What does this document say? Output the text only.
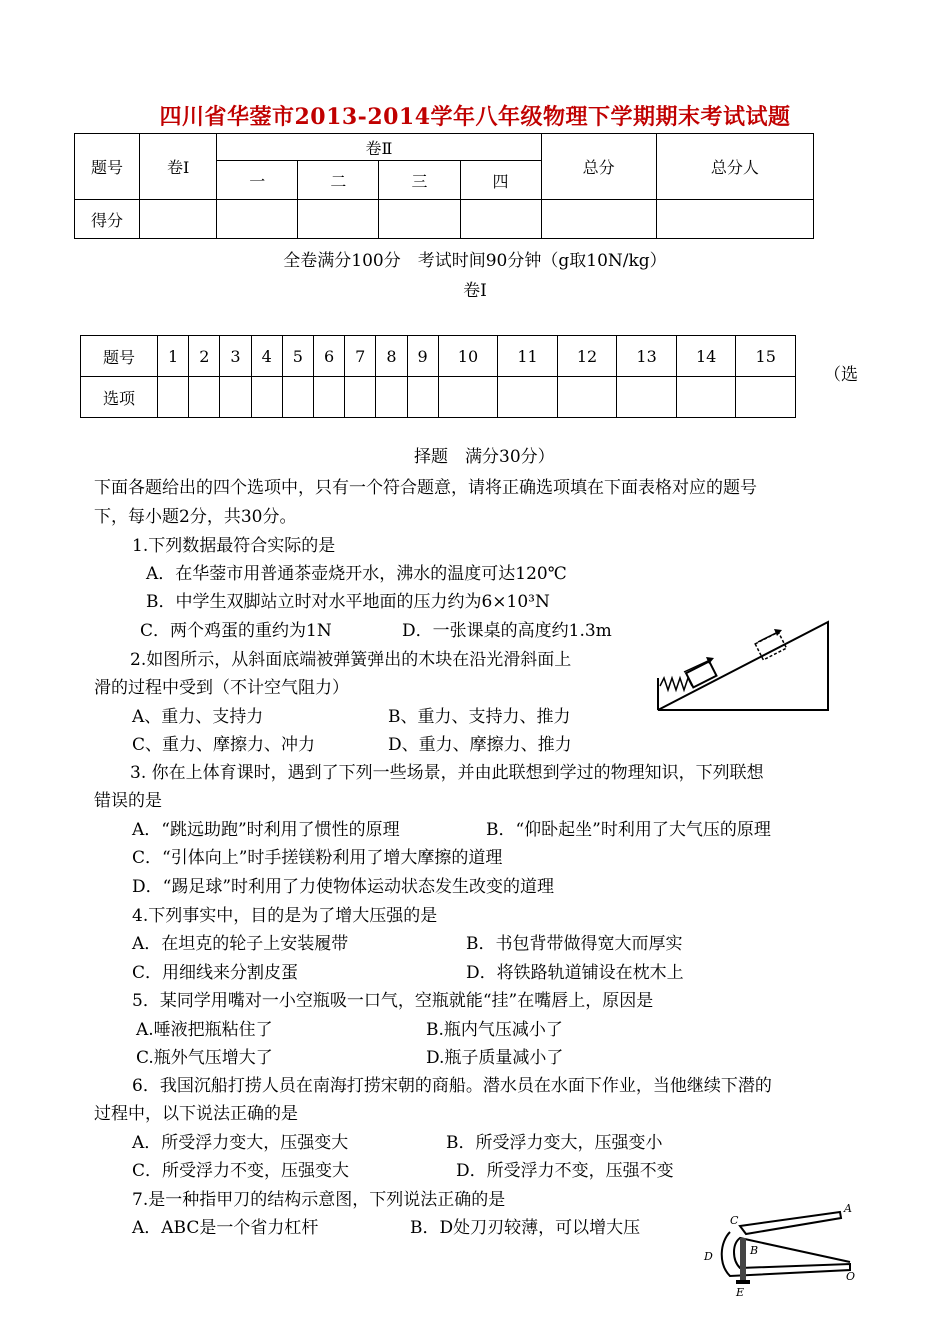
四川省华蓥市2013-2014学年八年级物理下学期期末考试试题
题号	卷Ⅰ	卷Ⅱ				总分	总分人
		一	二	三	四		
得分							
全卷满分100分　考试时间90分钟（g取10N/kg）
卷Ⅰ
题号	1	2	3	4	5	6	7	8	9	10	11	12	13	14	15
选项															
（选
择题　满分30分）
下面各题给出的四个选项中，只有一个符合题意，请将正确选项填在下面表格对应的题号
下，每小题2分，共30分。
1.下列数据最符合实际的是
A．在华蓥市用普通茶壶烧开水，沸水的温度可达120℃
B．中学生双脚站立时对水平地面的压力约为6×10³N
C．两个鸡蛋的重约为1N	D．一张课桌的高度约1.3m
2.如图所示，从斜面底端被弹簧弹出的木块在沿光滑斜面上
滑的过程中受到（不计空气阻力）
A、重力、支持力	B、重力、支持力、推力
C、重力、摩擦力、冲力	D、重力、摩擦力、推力
3. 你在上体育课时，遇到了下列一些场景，并由此联想到学过的物理知识，下列联想
错误的是
A．“跳远助跑”时利用了惯性的原理	B．“仰卧起坐”时利用了大气压的原理
C．“引体向上”时手搓镁粉利用了增大摩擦的道理
D．“踢足球”时利用了力使物体运动状态发生改变的道理
4.下列事实中，目的是为了增大压强的是
A．在坦克的轮子上安装履带	B．书包背带做得宽大而厚实
C．用细线来分割皮蛋	D．将铁路轨道铺设在枕木上
5．某同学用嘴对一小空瓶吸一口气，空瓶就能“挂”在嘴唇上，原因是
A.唾液把瓶粘住了	B.瓶内气压减小了
C.瓶外气压增大了	D.瓶子质量减小了
6．我国沉船打捞人员在南海打捞宋朝的商船。潜水员在水面下作业，当他继续下潜的
过程中，以下说法正确的是
A．所受浮力变大，压强变大	B．所受浮力变大，压强变小
C．所受浮力不变，压强变大	D．所受浮力不变，压强不变
7.是一种指甲刀的结构示意图，下列说法正确的是
A．ABC是一个省力杠杆	B．D处刀刃较薄，可以增大压
A
C
D	B
E
O
